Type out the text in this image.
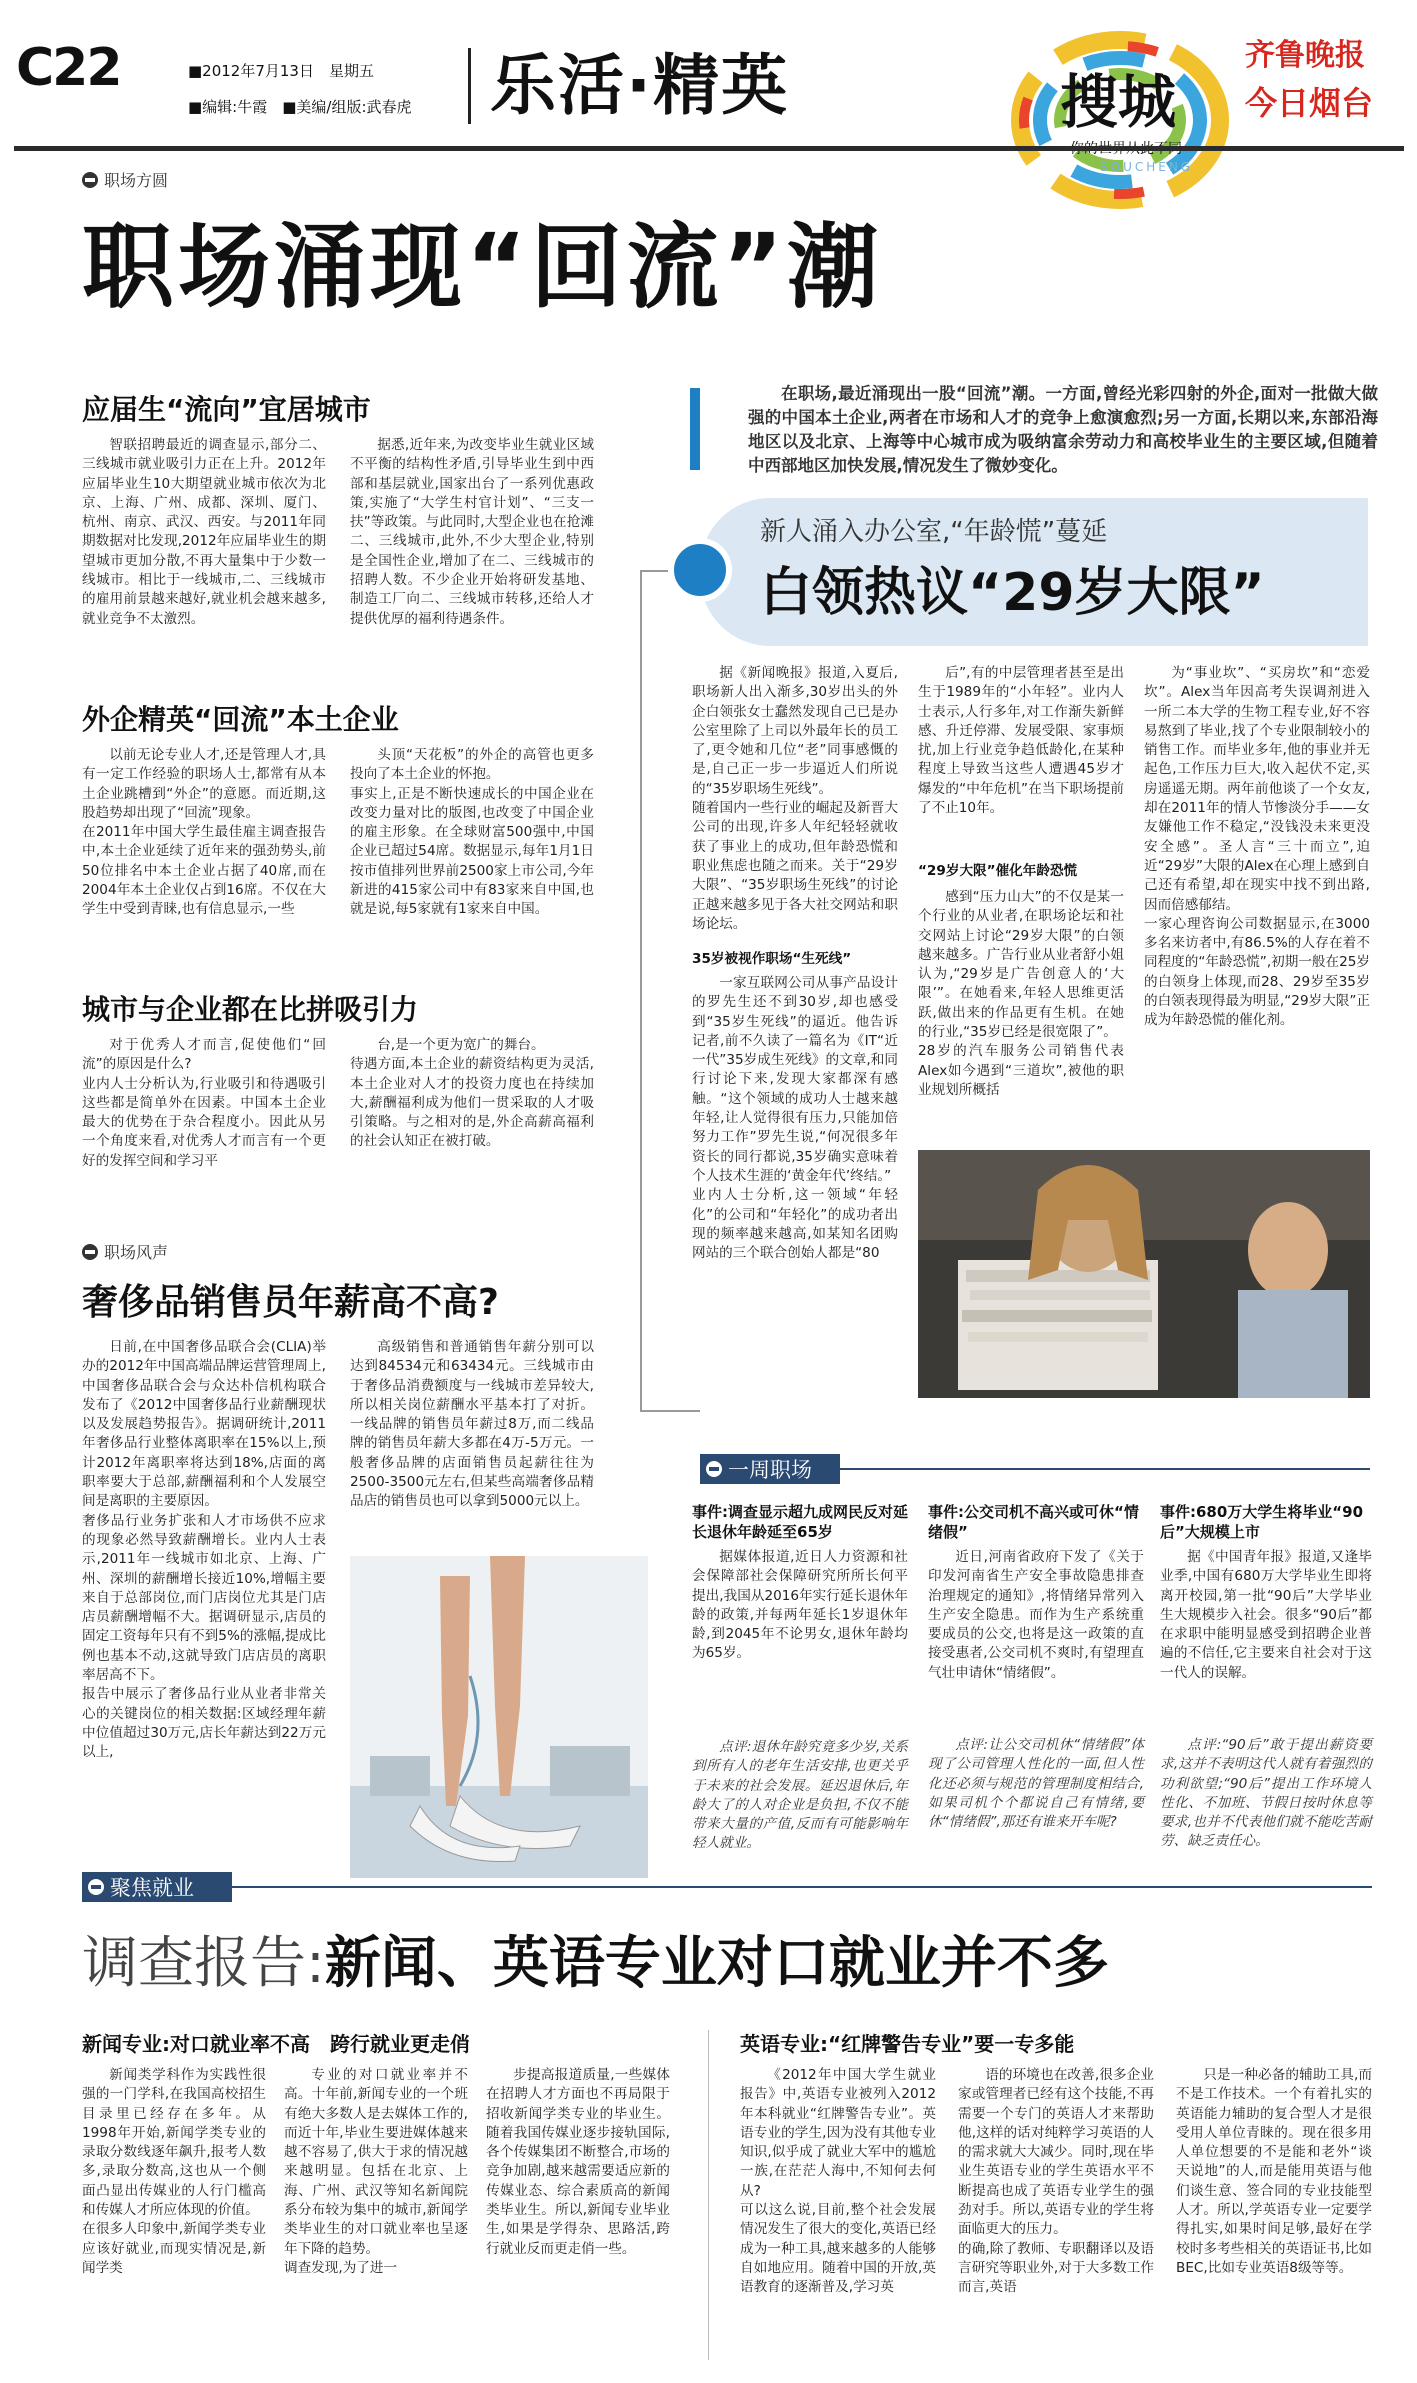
C22	■2012年7月13日　星期五
■编辑:牛霞　■美编/组版:武春虎 乐活·精英	搜城
SOUCHENG
齐鲁晚报
今日烟台
职场方圆
职场涌现“回流”潮
在职场,最近涌现出一股“回流”潮。一方面,曾经光彩四射的外企,面对一批做大做强的中国本土企业,两者在市场和人才的竞争上愈演愈烈;另一方面,长期以来,东部沿海地区以及北京、上海等中心城市成为吸纳富余劳动力和高校毕业生的主要区域,但随着中西部地区加快发展,情况发生了微妙变化。
应届生“流向”宜居城市
智联招聘最近的调查显示,部分二、三线城市就业吸引力正在上升。2012年应届毕业生10大期望就业城市依次为北京、上海、广州、成都、深圳、厦门、杭州、南京、武汉、西安。与2011年同期数据对比发现,2012年应届毕业生的期望城市更加分散,不再大量集中于少数一线城市。相比于一线城市,二、三线城市的雇用前景越来越好,就业机会越来越多,就业竞争不太激烈。
据悉,近年来,为改变毕业生就业区域不平衡的结构性矛盾,引导毕业生到中西部和基层就业,国家出台了一系列优惠政策,实施了“大学生村官计划”、“三支一扶”等政策。与此同时,大型企业也在抢滩二、三线城市,此外,不少大型企业,特别是全国性企业,增加了在二、三线城市的招聘人数。不少企业开始将研发基地、制造工厂向二、三线城市转移,还给人才提供优厚的福利待遇条件。
外企精英“回流”本土企业
以前无论专业人才,还是管理人才,具有一定工作经验的职场人士,都常有从本土企业跳槽到“外企”的意愿。而近期,这股趋势却出现了“回流”现象。
在2011年中国大学生最佳雇主调查报告中,本土企业延续了近年来的强劲势头,前50位排名中本土企业占据了40席,而在2004年本土企业仅占到16席。不仅在大学生中受到青睐,也有信息显示,一些
头顶“天花板”的外企的高管也更多投向了本土企业的怀抱。
事实上,正是不断快速成长的中国企业在改变力量对比的版图,也改变了中国企业的雇主形象。在全球财富500强中,中国企业已超过54席。数据显示,每年1月1日按市值排列世界前2500家上市公司,今年新进的415家公司中有83家来自中国,也就是说,每5家就有1家来自中国。
城市与企业都在比拼吸引力
对于优秀人才而言,促使他们“回流”的原因是什么?
业内人士分析认为,行业吸引和待遇吸引这些都是简单外在因素。中国本土企业最大的优势在于杂合程度小。因此从另一个角度来看,对优秀人才而言有一个更好的发挥空间和学习平
台,是一个更为宽广的舞台。
待遇方面,本土企业的薪资结构更为灵活,本土企业对人才的投资力度也在持续加大,薪酬福利成为他们一贯采取的人才吸引策略。与之相对的是,外企高薪高福利的社会认知正在被打破。
新人涌入办公室,“年龄慌”蔓延
白领热议“29岁大限”
据《新闻晚报》报道,入夏后,职场新人出入渐多,30岁出头的外企白领张女士蠢然发现自己已是办公室里除了上司以外最年长的员工了,更令她和几位“老”同事感慨的是,自己正一步一步逼近人们所说的“35岁职场生死线”。
随着国内一些行业的崛起及新晋大公司的出现,许多人年纪轻轻就收获了事业上的成功,但年龄恐慌和职业焦虑也随之而来。关于“29岁大限”、“35岁职场生死线”的讨论正越来越多见于各大社交网站和职场论坛。
35岁被视作职场“生死线”
一家互联网公司从事产品设计的罗先生还不到30岁,却也感受到“35岁生死线”的逼近。他告诉记者,前不久读了一篇名为《IT“近一代”35岁成生死线》的文章,和同行讨论下来,发现大家都深有感触。“这个领域的成功人士越来越年轻,让人觉得很有压力,只能加倍努力工作”罗先生说,“何况很多年资长的同行都说,35岁确实意味着个人技术生涯的‘黄金年代’终结。”
业内人士分析,这一领域“年轻化”的公司和“年轻化”的成功者出现的频率越来越高,如某知名团购网站的三个联合创始人都是“80
后”,有的中层管理者甚至是出生于1989年的“小年轻”。业内人士表示,人行多年,对工作渐失新鲜感、升迁停滞、发展受限、家事烦扰,加上行业竞争趋低龄化,在某种程度上导致当这些人遭遇45岁才爆发的“中年危机”在当下职场提前了不止10年。
“29岁大限”催化年龄恐慌
感到“压力山大”的不仅是某一个行业的从业者,在职场论坛和社交网站上讨论“29岁大限”的白领越来越多。广告行业从业者舒小姐认为,“29岁是广告创意人的‘大限’”。在她看来,年轻人思维更活跃,做出来的作品更有生机。在她的行业,“35岁已经是很宽限了”。
28岁的汽车服务公司销售代表Alex如今遇到“三道坎”,被他的职业规划所概括
为“事业坎”、“买房坎”和“恋爱坎”。Alex当年因高考失误调剂进入一所二本大学的生物工程专业,好不容易熬到了毕业,找了个专业限制较小的销售工作。而毕业多年,他的事业并无起色,工作压力巨大,收入起伏不定,买房遥遥无期。两年前他谈了一个女友,却在2011年的情人节惨淡分手——女友嫌他工作不稳定,“没钱没未来更没安全感”。圣人言“三十而立”,迫近“29岁”大限的Alex在心理上感到自己还有希望,却在现实中找不到出路,因而倍感郁结。
一家心理咨询公司数据显示,在3000多名来访者中,有86.5%的人存在着不同程度的“年龄恐慌”,初期一般在25岁的白领身上体现,而28、29岁至35岁的白领表现得最为明显,“29岁大限”正成为年龄恐慌的催化剂。
职场风声
奢侈品销售员年薪高不高?
日前,在中国奢侈品联合会(CLIA)举办的2012年中国高端品牌运营管理周上,中国奢侈品联合会与众达朴信机构联合发布了《2012中国奢侈品行业薪酬现状以及发展趋势报告》。据调研统计,2011年奢侈品行业整体离职率在15%以上,预计2012年离职率将达到18%,店面的离职率要大于总部,薪酬福利和个人发展空间是离职的主要原因。
奢侈品行业务扩张和人才市场供不应求的现象必然导致薪酬增长。业内人士表示,2011年一线城市如北京、上海、广州、深圳的薪酬增长接近10%,增幅主要来自于总部岗位,而门店岗位尤其是门店店员薪酬增幅不大。据调研显示,店员的固定工资每年只有不到5%的涨幅,提成比例也基本不动,这就导致门店店员的离职率居高不下。
报告中展示了奢侈品行业从业者非常关心的关键岗位的相关数据:区域经理年薪中位值超过30万元,店长年薪达到22万元以上,
高级销售和普通销售年薪分别可以达到84534元和63434元。三线城市由于奢侈品消费额度与一线城市差异较大,所以相关岗位薪酬水平基本打了对折。一线品牌的销售员年薪过8万,而二线品牌的销售员年薪大多都在4万-5万元。一般奢侈品牌的店面销售员起薪往往为2500-3500元左右,但某些高端奢侈品精品店的销售员也可以拿到5000元以上。
一周职场
事件:调查显示超九成网民反对延长退休年龄延至65岁
据媒体报道,近日人力资源和社会保障部社会保障研究所所长何平提出,我国从2016年实行延长退休年龄的政策,并每两年延长1岁退休年龄,到2045年不论男女,退休年龄均为65岁。
点评:退休年龄究竟多少岁,关系到所有人的老年生活安排,也更关乎于未来的社会发展。延迟退休后,年龄大了的人对企业是负担,不仅不能带来大量的产值,反而有可能影响年轻人就业。
事件:公交司机不高兴或可休“情绪假”
近日,河南省政府下发了《关于印发河南省生产安全事故隐患排查治理规定的通知》,将情绪异常列入生产安全隐患。而作为生产系统重要成员的公交,也将是这一政策的直接受惠者,公交司机不爽时,有望理直气壮申请休“情绪假”。
点评:让公交司机休“情绪假”体现了公司管理人性化的一面,但人性化还必须与规范的管理制度相结合,如果司机个个都说自己有情绪,要休“情绪假”,那还有谁来开车呢?
事件:680万大学生将毕业“90后”大规模上市
据《中国青年报》报道,又逢毕业季,中国有680万大学毕业生即将离开校园,第一批“90后”大学毕业生大规模步入社会。很多“90后”都在求职中能明显感受到招聘企业普遍的不信任,它主要来自社会对于这一代人的误解。
点评:“90后”敢于提出薪资要求,这并不表明这代人就有着强烈的功利欲望;“90后”提出工作环境人性化、不加班、节假日按时休息等要求,也并不代表他们就不能吃苦耐劳、缺乏责任心。
聚焦就业
调查报告:新闻、英语专业对口就业并不多
新闻专业:对口就业率不高　跨行就业更走俏
新闻类学科作为实践性很强的一门学科,在我国高校招生目录里已经存在多年。从1998年开始,新闻学类专业的录取分数线逐年飙升,报考人数多,录取分数高,这也从一个侧面凸显出传媒业的人行门槛高和传媒人才所应体现的价值。
在很多人印象中,新闻学类专业应该好就业,而现实情况是,新闻学类
专业的对口就业率并不高。十年前,新闻专业的一个班有绝大多数人是去媒体工作的,而近十年,毕业生要进媒体越来越不容易了,供大于求的情况越来越明显。包括在北京、上海、广州、武汉等知名新闻院系分布较为集中的城市,新闻学类毕业生的对口就业率也呈逐年下降的趋势。
调查发现,为了进一
步提高报道质量,一些媒体在招聘人才方面也不再局限于招收新闻学类专业的毕业生。随着我国传媒业逐步接轨国际,各个传媒集团不断整合,市场的竞争加剧,越来越需要适应新的传媒业态、综合素质高的新闻类毕业生。所以,新闻专业毕业生,如果是学得杂、思路活,跨行就业反而更走俏一些。
英语专业:“红牌警告专业”要一专多能
《2012年中国大学生就业报告》中,英语专业被列入2012年本科就业“红牌警告专业”。英语专业的学生,因为没有其他专业知识,似乎成了就业大军中的尴尬一族,在茫茫人海中,不知何去何从?
可以这么说,目前,整个社会发展情况发生了很大的变化,英语已经成为一种工具,越来越多的人能够自如地应用。随着中国的开放,英语教育的逐渐普及,学习英
语的环境也在改善,很多企业家或管理者已经有这个技能,不再需要一个专门的英语人才来帮助他,这样的话对纯粹学习英语的人的需求就大大减少。同时,现在毕业生英语专业的学生英语水平不断提高也成了英语专业学生的强劲对手。所以,英语专业的学生将面临更大的压力。
的确,除了教师、专职翻译以及语言研究等职业外,对于大多数工作而言,英语
只是一种必备的辅助工具,而不是工作技术。一个有着扎实的英语能力辅助的复合型人才是很受用人单位青睐的。现在很多用人单位想要的不是能和老外“谈天说地”的人,而是能用英语与他们谈生意、签合同的专业技能型人才。所以,学英语专业一定要学得扎实,如果时间足够,最好在学校时多考些相关的英语证书,比如BEC,比如专业英语8级等等。
